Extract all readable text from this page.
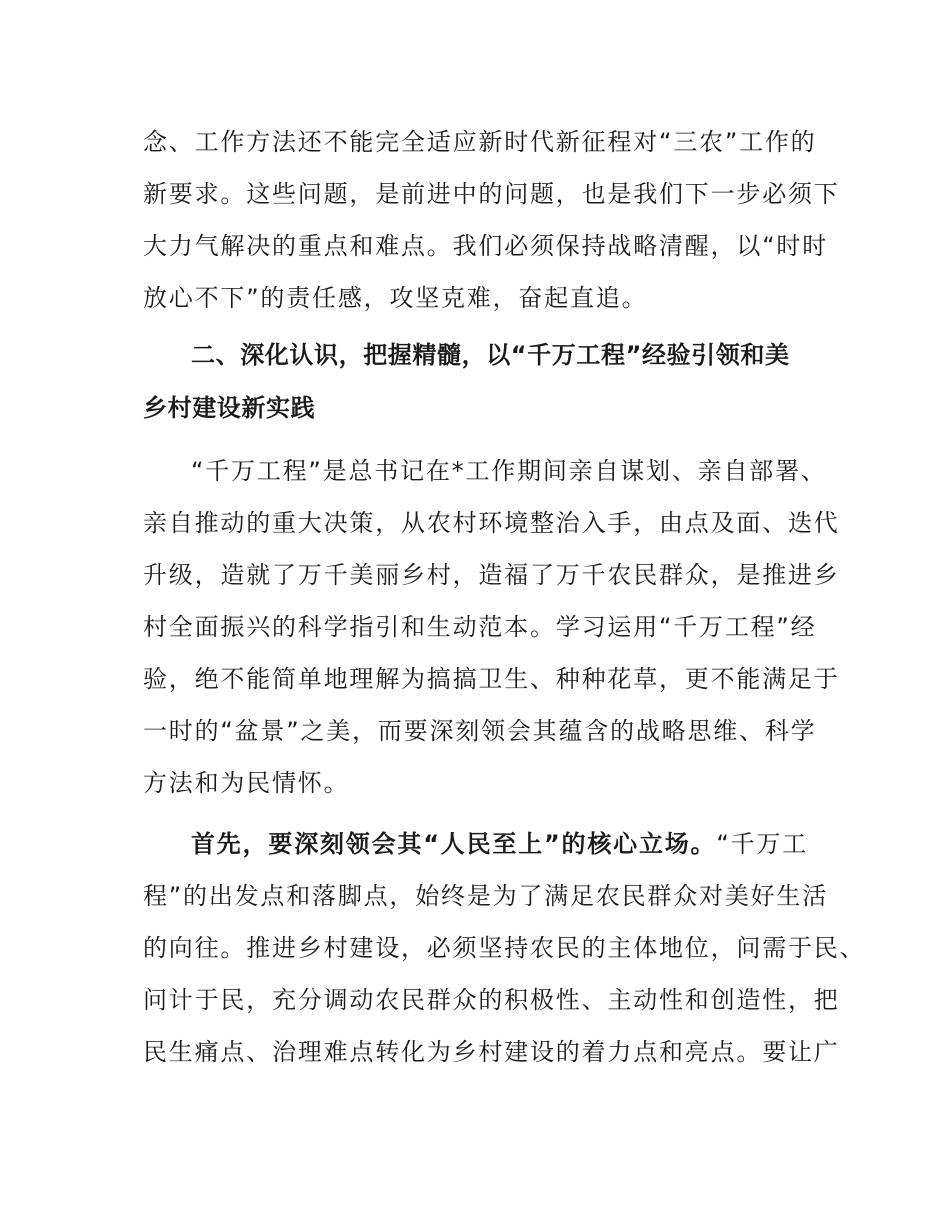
念、工作方法还不能完全适应新时代新征程对“三农”工作的
新要求。这些问题，是前进中的问题，也是我们下一步必须下
大力气解决的重点和难点。我们必须保持战略清醒，以“时时
放心不下”的责任感，攻坚克难，奋起直追。
二、深化认识，把握精髓，以“千万工程”经验引领和美
乡村建设新实践
“千万工程”是总书记在*工作期间亲自谋划、亲自部署、
亲自推动的重大决策，从农村环境整治入手，由点及面、迭代
升级，造就了万千美丽乡村，造福了万千农民群众，是推进乡
村全面振兴的科学指引和生动范本。学习运用“千万工程”经
验，绝不能简单地理解为搞搞卫生、种种花草，更不能满足于
一时的“盆景”之美，而要深刻领会其蕴含的战略思维、科学
方法和为民情怀。
首先，要深刻领会其“人民至上”的核心立场。“千万工
程”的出发点和落脚点，始终是为了满足农民群众对美好生活
的向往。推进乡村建设，必须坚持农民的主体地位，问需于民、
问计于民，充分调动农民群众的积极性、主动性和创造性，把
民生痛点、治理难点转化为乡村建设的着力点和亮点。要让广
